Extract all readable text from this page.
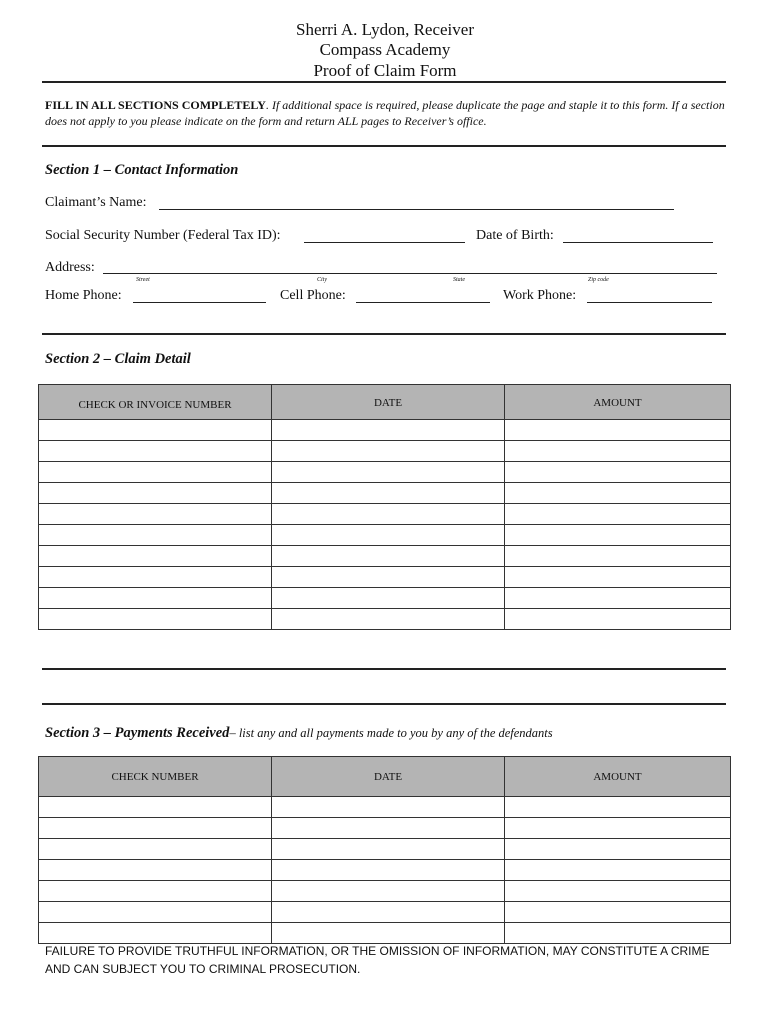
Sherri A. Lydon, Receiver
Compass Academy
Proof of Claim Form
FILL IN ALL SECTIONS COMPLETELY. If additional space is required, please duplicate the page and staple it to this form. If a section does not apply to you please indicate on the form and return ALL pages to Receiver’s office.
Section 1 – Contact Information
Claimant’s Name:
Social Security Number (Federal Tax ID):	Date of Birth:
Address:
Street	City	State	Zip code
Home Phone:	Cell Phone:	Work Phone:
Section 2 – Claim Detail
CHECK OR INVOICE NUMBER	DATE	AMOUNT

Section 3 – Payments Received– list any and all payments made to you by any of the defendants
CHECK NUMBER	DATE	AMOUNT

FAILURE TO PROVIDE TRUTHFUL INFORMATION, OR THE OMISSION OF INFORMATION, MAY CONSTITUTE A CRIME AND CAN SUBJECT YOU TO CRIMINAL PROSECUTION.
